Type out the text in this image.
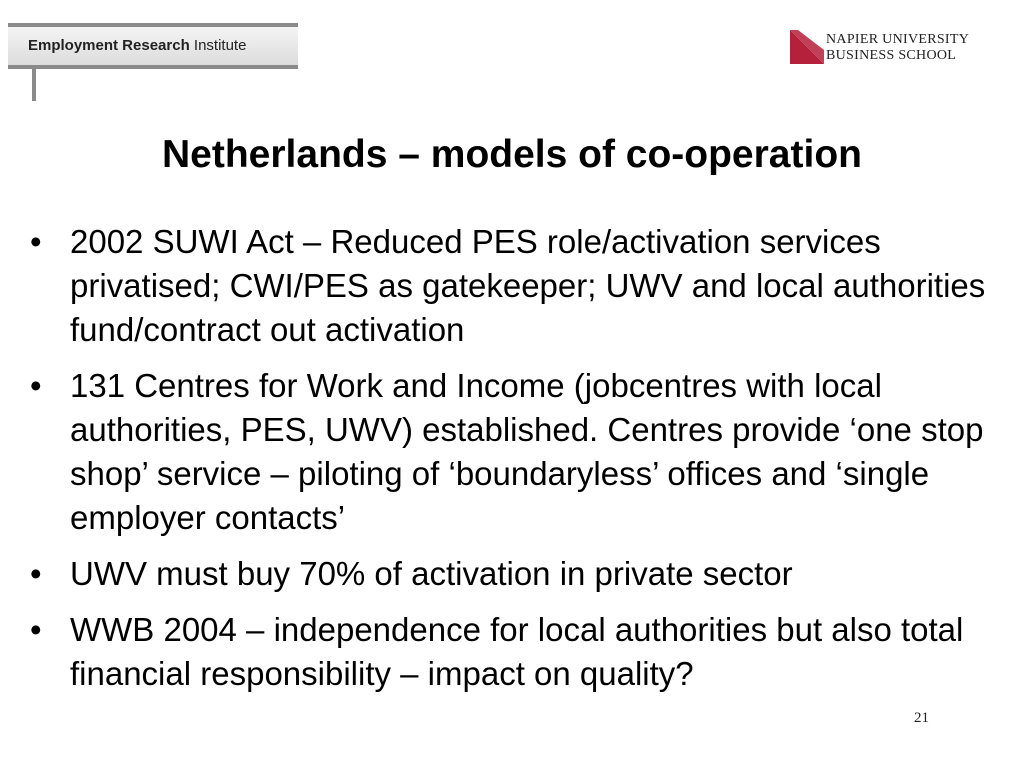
Employment Research Institute	NAPIER UNIVERSITY
BUSINESS SCHOOL
Netherlands – models of co-operation
• 2002 SUWI Act – Reduced PES role/activation services privatised; CWI/PES as gatekeeper; UWV and local authorities fund/contract out activation
• 131 Centres for Work and Income (jobcentres with local authorities, PES, UWV) established. Centres provide ‘one stop shop’ service – piloting of ‘boundaryless’ offices and ‘single employer contacts’
• UWV must buy 70% of activation in private sector
• WWB 2004 – independence for local authorities but also total financial responsibility – impact on quality?
21
